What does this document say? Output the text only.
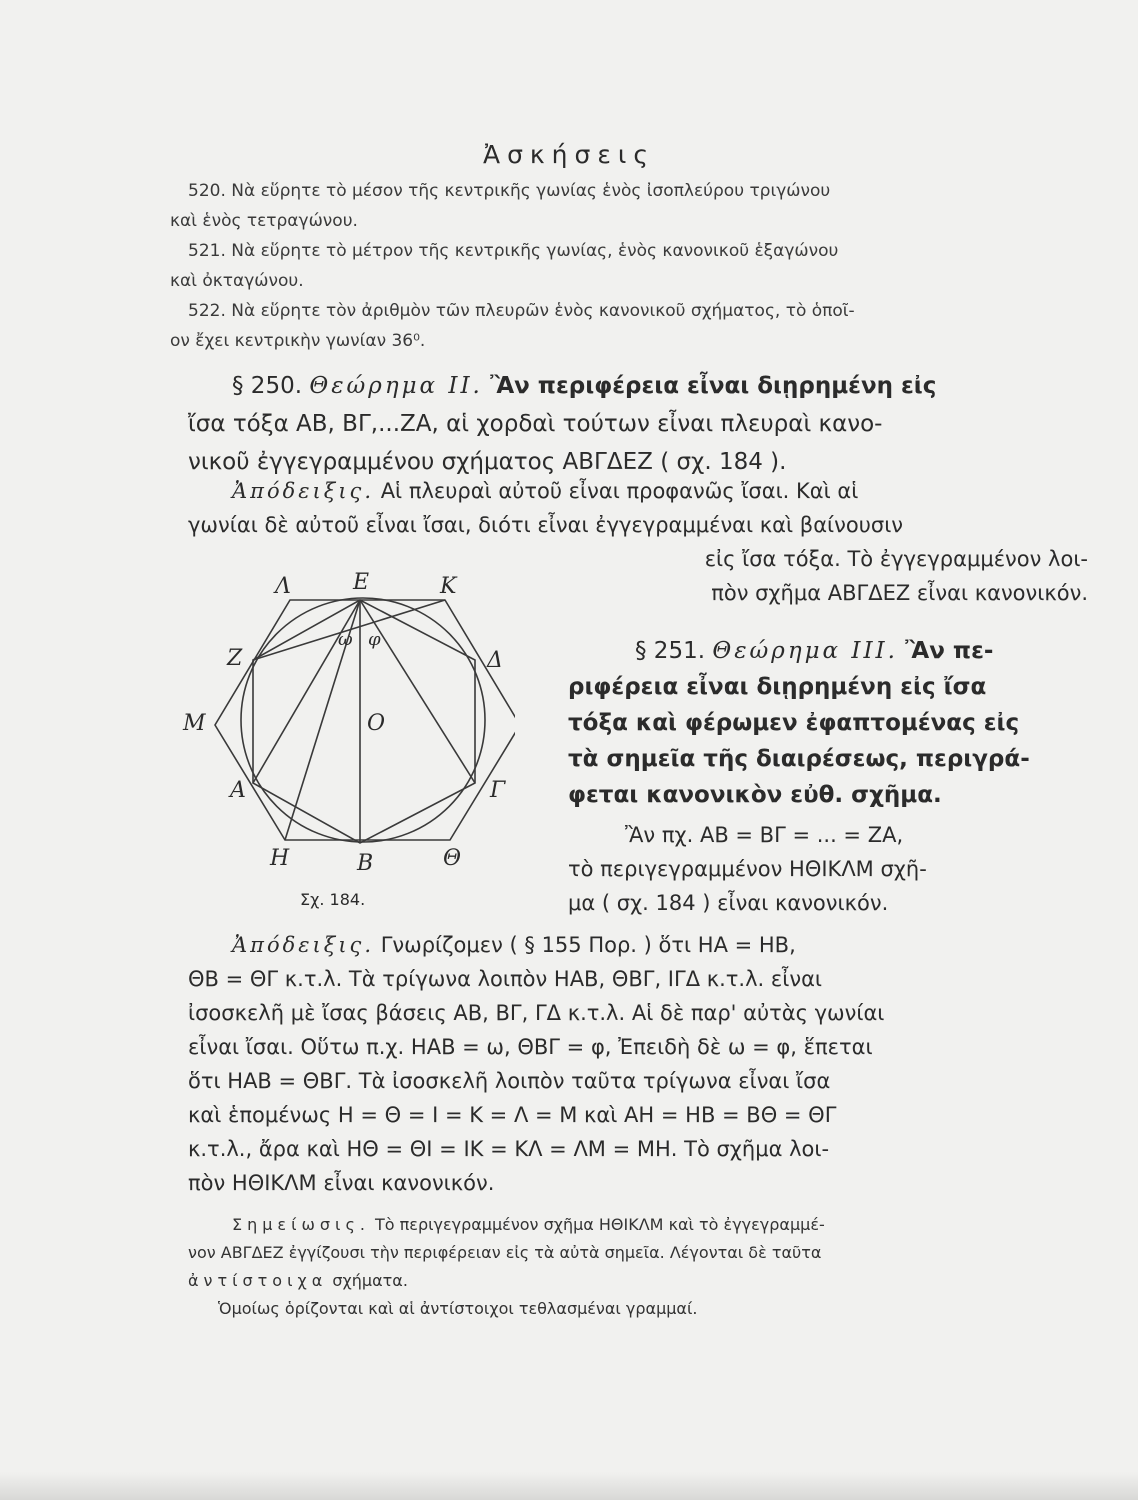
Ἀσκήσεις
520. Νὰ εὕρητε τὸ μέσον τῆς κεντρικῆς γωνίας ἑνὸς ἰσοπλεύρου τριγώνου
καὶ ἑνὸς τετραγώνου.
521. Νὰ εὕρητε τὸ μέτρον τῆς κεντρικῆς γωνίας, ἑνὸς κανονικοῦ ἑξαγώνου
καὶ ὀκταγώνου.
522. Νὰ εὕρητε τὸν ἀριθμὸν τῶν πλευρῶν ἑνὸς κανονικοῦ σχήματος, τὸ ὁποῖ-
ον ἔχει κεντρικὴν γωνίαν 36⁰.
§ 250. Θεώρημα II. Ἂν περιφέρεια εἶναι διῃρημένη εἰς
ἴσα τόξα ΑΒ, ΒΓ,...ΖΑ, αἱ χορδαὶ τούτων εἶναι πλευραὶ κανο-
νικοῦ ἐγγεγραμμένου σχήματος ΑΒΓΔΕΖ ( σχ. 184 ).
Ἀπόδειξις. Αἱ πλευραὶ αὐτοῦ εἶναι προφανῶς ἴσαι. Καὶ αἱ
γωνίαι δὲ αὐτοῦ εἶναι ἴσαι, διότι εἶναι ἐγγεγραμμέναι καὶ βαίνουσιν
εἰς ἴσα τόξα. Τὸ ἐγγεγραμμένον λοι-
πὸν σχῆμα ΑΒΓΔΕΖ εἶναι κανονικόν.
Λ	Ε	Κ
Ζ	Δ
Μ	Ο
Α	Γ
Η	Β	Θ
ω φ
Σχ. 184.
§ 251. Θεώρημα III. Ἂν πε-
ριφέρεια εἶναι διῃρημένη εἰς ἴσα
τόξα καὶ φέρωμεν ἐφαπτομένας εἰς
τὰ σημεῖα τῆς διαιρέσεως, περιγρά-
φεται κανονικὸν εὐθ. σχῆμα.
Ἂν πχ. ΑΒ = ΒΓ = ... = ΖΑ,
τὸ περιγεγραμμένον ΗΘΙΚΛΜ σχῆ-
μα ( σχ. 184 ) εἶναι κανονικόν.
Ἀπόδειξις. Γνωρίζομεν ( § 155 Πορ. ) ὅτι ΗΑ = ΗΒ,
ΘΒ = ΘΓ κ.τ.λ. Τὰ τρίγωνα λοιπὸν ΗΑΒ, ΘΒΓ, ΙΓΔ κ.τ.λ. εἶναι
ἰσοσκελῆ μὲ ἴσας βάσεις ΑΒ, ΒΓ, ΓΔ κ.τ.λ. Αἱ δὲ παρ' αὐτὰς γωνίαι
εἶναι ἴσαι. Οὕτω π.χ. ΗΑΒ = ω, ΘΒΓ = φ, Ἐπειδὴ δὲ ω = φ, ἕπεται
ὅτι ΗΑΒ = ΘΒΓ. Τὰ ἰσοσκελῆ λοιπὸν ταῦτα τρίγωνα εἶναι ἴσα
καὶ ἑπομένως Η = Θ = Ι = Κ = Λ = Μ καὶ ΑΗ = ΗΒ = ΒΘ = ΘΓ
κ.τ.λ., ἄρα καὶ ΗΘ = ΘΙ = ΙΚ = ΚΛ = ΛΜ = ΜΗ. Τὸ σχῆμα λοι-
πὸν ΗΘΙΚΛΜ εἶναι κανονικόν.
Σημείωσις. Τὸ περιγεγραμμένον σχῆμα ΗΘΙΚΛΜ καὶ τὸ ἐγγεγραμμέ-
νον ΑΒΓΔΕΖ ἐγγίζουσι τὴν περιφέρειαν εἰς τὰ αὐτὰ σημεῖα. Λέγονται δὲ ταῦτα
ἀντίστοιχα σχήματα.
Ὁμοίως ὁρίζονται καὶ αἱ ἀντίστοιχοι τεθλασμέναι γραμμαί.
